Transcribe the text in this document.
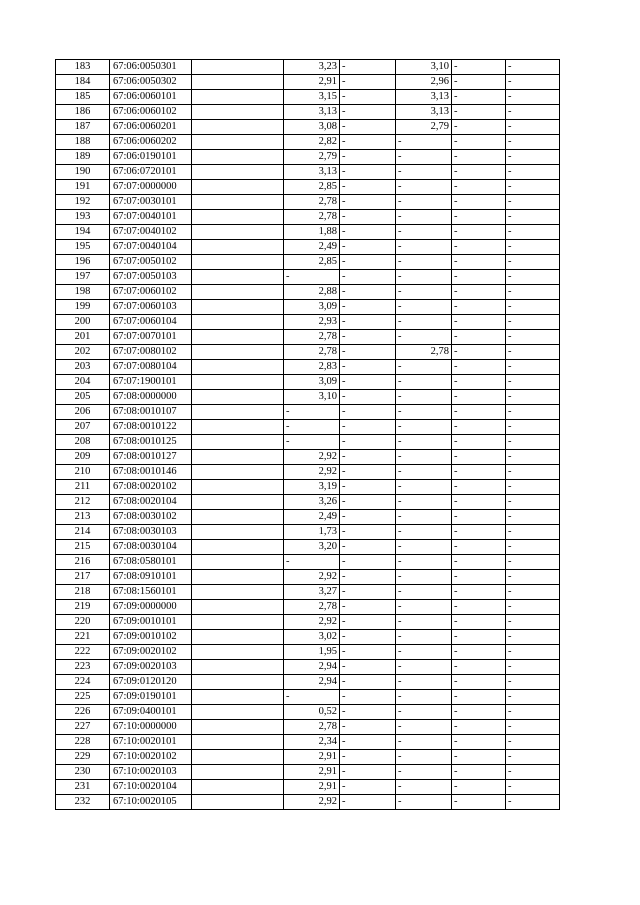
183	67:06:0050301		3,23	-	3,10	-	-
184	67:06:0050302		2,91	-	2,96	-	-
185	67:06:0060101		3,15	-	3,13	-	-
186	67:06:0060102		3,13	-	3,13	-	-
187	67:06:0060201		3,08	-	2,79	-	-
188	67:06:0060202		2,82	-	-	-	-
189	67:06:0190101		2,79	-	-	-	-
190	67:06:0720101		3,13	-	-	-	-
191	67:07:0000000		2,85	-	-	-	-
192	67:07:0030101		2,78	-	-	-	-
193	67:07:0040101		2,78	-	-	-	-
194	67:07:0040102		1,88	-	-	-	-
195	67:07:0040104		2,49	-	-	-	-
196	67:07:0050102		2,85	-	-	-	-
197	67:07:0050103		-	-	-	-	-
198	67:07:0060102		2,88	-	-	-	-
199	67:07:0060103		3,09	-	-	-	-
200	67:07:0060104		2,93	-	-	-	-
201	67:07:0070101		2,78	-	-	-	-
202	67:07:0080102		2,78	-	2,78	-	-
203	67:07:0080104		2,83	-	-	-	-
204	67:07:1900101		3,09	-	-	-	-
205	67:08:0000000		3,10	-	-	-	-
206	67:08:0010107		-	-	-	-	-
207	67:08:0010122		-	-	-	-	-
208	67:08:0010125		-	-	-	-	-
209	67:08:0010127		2,92	-	-	-	-
210	67:08:0010146		2,92	-	-	-	-
211	67:08:0020102		3,19	-	-	-	-
212	67:08:0020104		3,26	-	-	-	-
213	67:08:0030102		2,49	-	-	-	-
214	67:08:0030103		1,73	-	-	-	-
215	67:08:0030104		3,20	-	-	-	-
216	67:08:0580101		-	-	-	-	-
217	67:08:0910101		2,92	-	-	-	-
218	67:08:1560101		3,27	-	-	-	-
219	67:09:0000000		2,78	-	-	-	-
220	67:09:0010101		2,92	-	-	-	-
221	67:09:0010102		3,02	-	-	-	-
222	67:09:0020102		1,95	-	-	-	-
223	67:09:0020103		2,94	-	-	-	-
224	67:09:0120120		2,94	-	-	-	-
225	67:09:0190101		-	-	-	-	-
226	67:09:0400101		0,52	-	-	-	-
227	67:10:0000000		2,78	-	-	-	-
228	67:10:0020101		2,34	-	-	-	-
229	67:10:0020102		2,91	-	-	-	-
230	67:10:0020103		2,91	-	-	-	-
231	67:10:0020104		2,91	-	-	-	-
232	67:10:0020105		2,92	-	-	-	-
